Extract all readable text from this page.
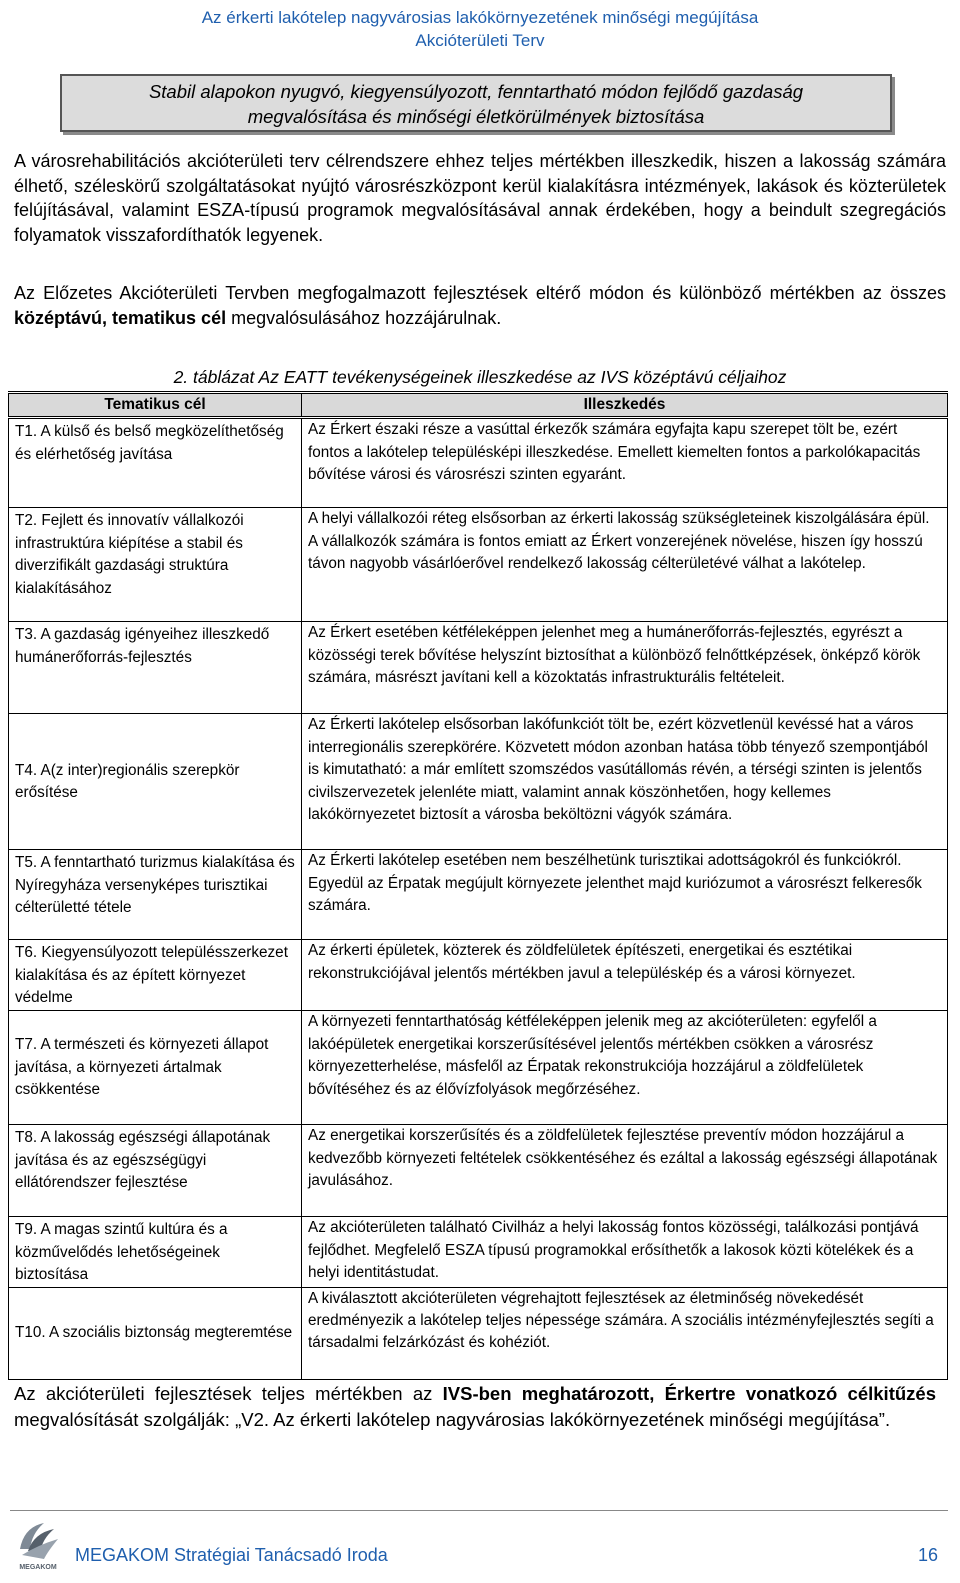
Az érkerti lakótelep nagyvárosias lakókörnyezetének minőségi megújítása
Akcióterületi Terv
Stabil alapokon nyugvó, kiegyensúlyozott, fenntartható módon fejlődő gazdaság
megvalósítása és minőségi életkörülmények biztosítása
A városrehabilitációs akcióterületi terv célrendszere ehhez teljes mértékben illeszkedik, hiszen a lakosság számára élhető, széleskörű szolgáltatásokat nyújtó városrészközpont kerül kialakításra intézmények, lakások és közterületek felújításával, valamint ESZA-típusú programok megvalósításával annak érdekében, hogy a beindult szegregációs folyamatok visszafordíthatók legyenek.
Az Előzetes Akcióterületi Tervben megfogalmazott fejlesztések eltérő módon és különböző mértékben az összes középtávú, tematikus cél megvalósulásához hozzájárulnak.
2. táblázat Az EATT tevékenységeinek illeszkedése az IVS középtávú céljaihoz
Tematikus cél	Illeszkedés
T1. A külső és belső megközelíthetőség és elérhetőség javítása	Az Érkert északi része a vasúttal érkezők számára egyfajta kapu szerepet tölt be, ezért fontos a lakótelep településképi illeszkedése. Emellett kiemelten fontos a parkolókapacitás bővítése városi és városrészi szinten egyaránt.
T2. Fejlett és innovatív vállalkozói infrastruktúra kiépítése a stabil és diverzifikált gazdasági struktúra kialakításához	A helyi vállalkozói réteg elsősorban az érkerti lakosság szükségleteinek kiszolgálására épül. A vállalkozók számára is fontos emiatt az Érkert vonzerejének növelése, hiszen így hosszú távon nagyobb vásárlóerővel rendelkező lakosság célterületévé válhat a lakótelep.
T3. A gazdaság igényeihez illeszkedő humánerőforrás-fejlesztés	Az Érkert esetében kétféleképpen jelenhet meg a humánerőforrás-fejlesztés, egyrészt a közösségi terek bővítése helyszínt biztosíthat a különböző felnőttképzések, önképző körök számára, másrészt javítani kell a közoktatás infrastrukturális feltételeit.
T4. A(z inter)regionális szerepkör erősítése	Az Érkerti lakótelep elsősorban lakófunkciót tölt be, ezért közvetlenül kevéssé hat a város interregionális szerepkörére. Közvetett módon azonban hatása több tényező szempontjából is kimutatható: a már említett szomszédos vasútállomás révén, a térségi szinten is jelentős civilszervezetek jelenléte miatt, valamint annak köszönhetően, hogy kellemes lakókörnyezetet biztosít a városba beköltözni vágyók számára.
T5. A fenntartható turizmus kialakítása és Nyíregyháza versenyképes turisztikai célterületté tétele	Az Érkerti lakótelep esetében nem beszélhetünk turisztikai adottságokról és funkciókról. Egyedül az Érpatak megújult környezete jelenthet majd kuriózumot a városrészt felkeresők számára.
T6. Kiegyensúlyozott településszerkezet kialakítása és az épített környezet védelme	Az érkerti épületek, közterek és zöldfelületek építészeti, energetikai és esztétikai rekonstrukciójával jelentős mértékben javul a településkép és a városi környezet.
T7. A természeti és környezeti állapot javítása, a környezeti ártalmak csökkentése	A környezeti fenntarthatóság kétféleképpen jelenik meg az akcióterületen: egyfelől a lakóépületek energetikai korszerűsítésével jelentős mértékben csökken a városrész környezetterhelése, másfelől az Érpatak rekonstrukciója hozzájárul a zöldfelületek bővítéséhez és az élővízfolyások megőrzéséhez.
T8. A lakosság egészségi állapotának javítása és az egészségügyi ellátórendszer fejlesztése	Az energetikai korszerűsítés és a zöldfelületek fejlesztése preventív módon hozzájárul a kedvezőbb környezeti feltételek csökkentéséhez és ezáltal a lakosság egészségi állapotának javulásához.
T9. A magas szintű kultúra és a közművelődés lehetőségeinek biztosítása	Az akcióterületen található Civilház a helyi lakosság fontos közösségi, találkozási pontjává fejlődhet. Megfelelő ESZA típusú programokkal erősíthetők a lakosok közti kötelékek és a helyi identitástudat.
T10. A szociális biztonság megteremtése	A kiválasztott akcióterületen végrehajtott fejlesztések az életminőség növekedését eredményezik a lakótelep teljes népessége számára. A szociális intézményfejlesztés segíti a társadalmi felzárkózást és kohéziót.
Az akcióterületi fejlesztések teljes mértékben az IVS-ben meghatározott, Érkertre vonatkozó célkitűzés megvalósítását szolgálják: „V2. Az érkerti lakótelep nagyvárosias lakókörnyezetének minőségi megújítása”.
MEGAKOM
MEGAKOM Stratégiai Tanácsadó Iroda	16
